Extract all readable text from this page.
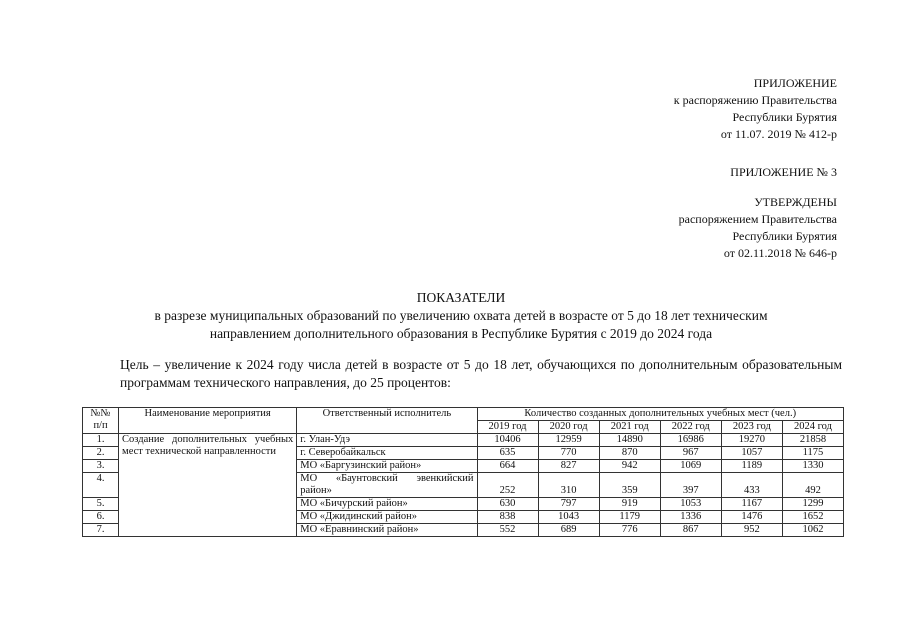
ПРИЛОЖЕНИЕ
к распоряжению Правительства
Республики Бурятия
от 11.07. 2019 № 412-р
ПРИЛОЖЕНИЕ № 3
УТВЕРЖДЕНЫ
распоряжением Правительства
Республики Бурятия
от 02.11.2018 № 646-р
ПОКАЗАТЕЛИ
в разрезе муниципальных образований по увеличению охвата детей в возрасте от 5 до 18 лет техническим
направлением дополнительного образования в Республике Бурятия с 2019 до 2024 года
Цель – увеличение к 2024 году числа детей в возрасте от 5 до 18 лет, обучающихся по дополнительным образовательным программам технического направления, до 25 процентов:
№№ п/п	Наименование мероприятия	Ответственный исполнитель	Количество созданных дополнительных учебных мест (чел.)					
			2019 год	2020 год	2021 год	2022 год	2023 год	2024 год
1.	Создание дополнительных учебных мест технической направленности	г. Улан-Удэ	10406	12959	14890	16986	19270	21858
2.		г. Северобайкальск	635	770	870	967	1057	1175
3.		МО «Баргузинский район»	664	827	942	1069	1189	1330
4.		МО «Баунтовский эвенкийский район»	252	310	359	397	433	492
5.		МО «Бичурский район»	630	797	919	1053	1167	1299
6.		МО «Джидинский район»	838	1043	1179	1336	1476	1652
7.		МО «Еравнинский район»	552	689	776	867	952	1062
